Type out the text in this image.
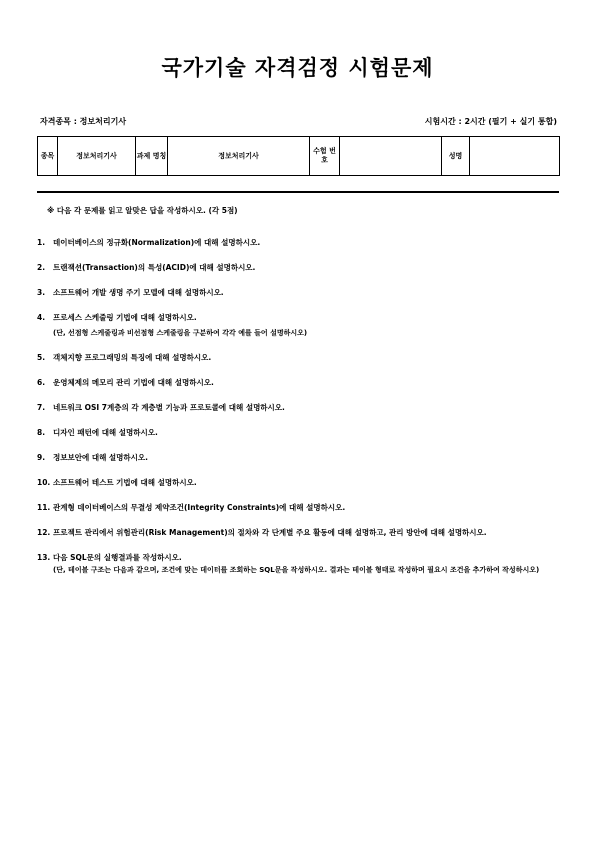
국가기술 자격검정 시험문제
자격종목 : 정보처리기사	시험시간 : 2시간 (필기 + 실기 통합)
종목	정보처리기사	과제 명칭	정보처리기사	수험 번호		성명	
※ 다음 각 문제를 읽고 알맞은 답을 작성하시오. (각 5점)
1.	데이터베이스의 정규화(Normalization)에 대해 설명하시오.
2.	트랜잭션(Transaction)의 특성(ACID)에 대해 설명하시오.
3.	소프트웨어 개발 생명 주기 모델에 대해 설명하시오.
4.	프로세스 스케줄링 기법에 대해 설명하시오.
(단, 선점형 스케줄링과 비선점형 스케줄링을 구분하여 각각 예를 들어 설명하시오)
5.	객체지향 프로그래밍의 특징에 대해 설명하시오.
6.	운영체제의 메모리 관리 기법에 대해 설명하시오.
7.	네트워크 OSI 7계층의 각 계층별 기능과 프로토콜에 대해 설명하시오.
8.	디자인 패턴에 대해 설명하시오.
9.	정보보안에 대해 설명하시오.
10. 소프트웨어 테스트 기법에 대해 설명하시오.
11. 관계형 데이터베이스의 무결성 제약조건(Integrity Constraints)에 대해 설명하시오.
12. 프로젝트 관리에서 위험관리(Risk Management)의 절차와 각 단계별 주요 활동에 대해 설명하고, 관리 방안에 대해 설명하시오.
13. 다음 SQL문의 실행결과를 작성하시오.
(단, 테이블 구조는 다음과 같으며, 조건에 맞는 데이터를 조회하는 SQL문을 작성하시오. 결과는 테이블 형태로 작성하며 필요시 조건을 추가하여 작성하시오)
